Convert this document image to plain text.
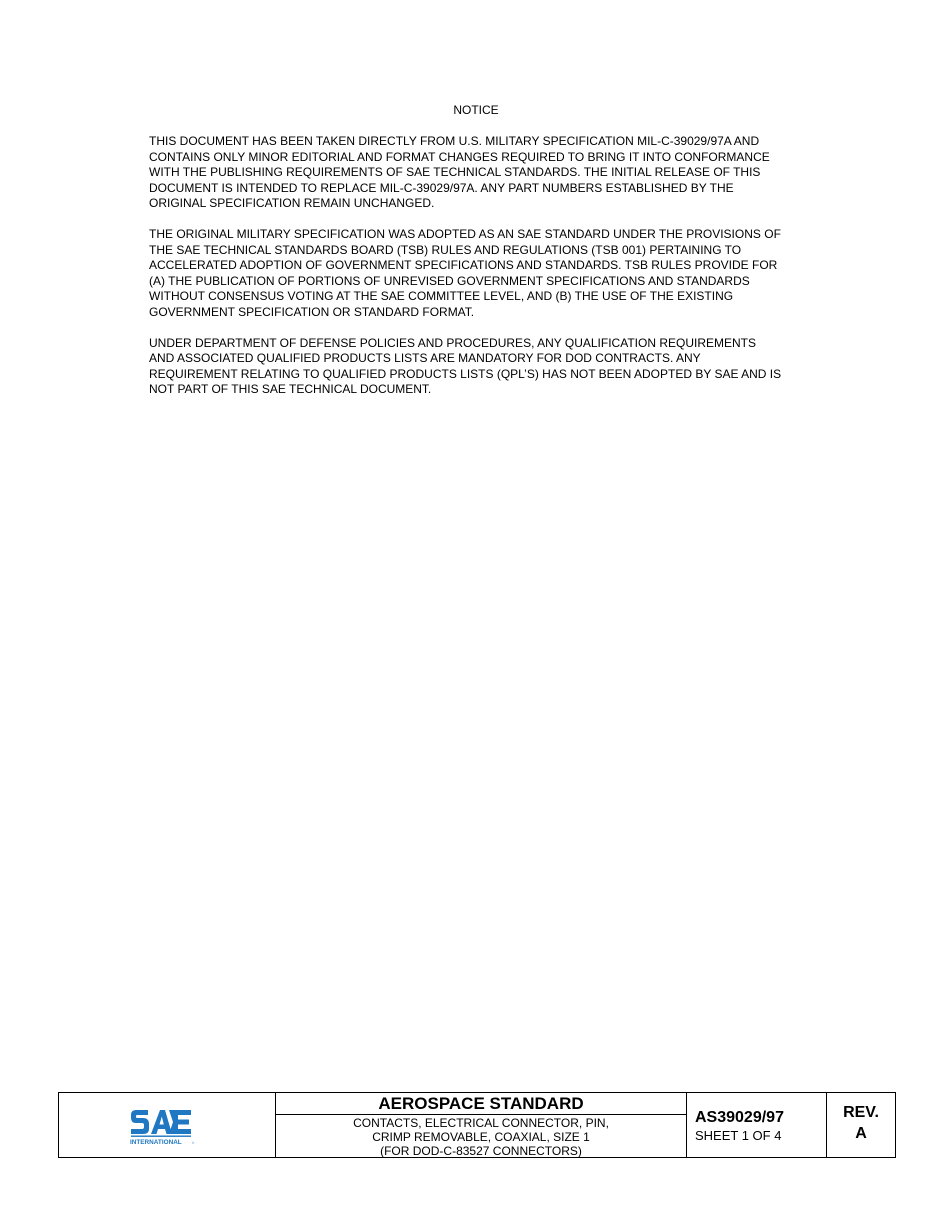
NOTICE

THIS DOCUMENT HAS BEEN TAKEN DIRECTLY FROM U.S. MILITARY SPECIFICATION MIL-C-39029/97A AND
CONTAINS ONLY MINOR EDITORIAL AND FORMAT CHANGES REQUIRED TO BRING IT INTO CONFORMANCE
WITH THE PUBLISHING REQUIREMENTS OF SAE TECHNICAL STANDARDS. THE INITIAL RELEASE OF THIS
DOCUMENT IS INTENDED TO REPLACE MIL-C-39029/97A. ANY PART NUMBERS ESTABLISHED BY THE
ORIGINAL SPECIFICATION REMAIN UNCHANGED.

THE ORIGINAL MILITARY SPECIFICATION WAS ADOPTED AS AN SAE STANDARD UNDER THE PROVISIONS OF
THE SAE TECHNICAL STANDARDS BOARD (TSB) RULES AND REGULATIONS (TSB 001) PERTAINING TO
ACCELERATED ADOPTION OF GOVERNMENT SPECIFICATIONS AND STANDARDS. TSB RULES PROVIDE FOR
(A) THE PUBLICATION OF PORTIONS OF UNREVISED GOVERNMENT SPECIFICATIONS AND STANDARDS
WITHOUT CONSENSUS VOTING AT THE SAE COMMITTEE LEVEL, AND (B) THE USE OF THE EXISTING
GOVERNMENT SPECIFICATION OR STANDARD FORMAT.

UNDER DEPARTMENT OF DEFENSE POLICIES AND PROCEDURES, ANY QUALIFICATION REQUIREMENTS
AND ASSOCIATED QUALIFIED PRODUCTS LISTS ARE MANDATORY FOR DOD CONTRACTS. ANY
REQUIREMENT RELATING TO QUALIFIED PRODUCTS LISTS (QPL’S) HAS NOT BEEN ADOPTED BY SAE AND IS
NOT PART OF THIS SAE TECHNICAL DOCUMENT.

INTERNATIONAL	®
AEROSPACE STANDARD
CONTACTS, ELECTRICAL CONNECTOR, PIN,
CRIMP REMOVABLE, COAXIAL, SIZE 1
(FOR DOD-C-83527 CONNECTORS)
AS39029/97
SHEET 1 OF 4
REV.
A
